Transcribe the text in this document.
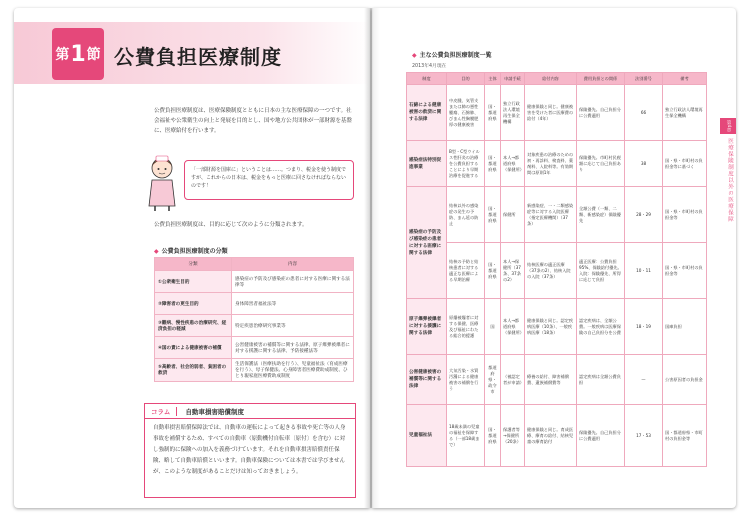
第 1 節 公費負担医療制度
公費負担医療制度は、医療保険制度とともに日本の主な医療保障の一つです。社会福祉や公衆衛生の向上と発展を目的とし、国や地方公共団体が一部財源を基盤に、医療給付を行います。
「一部財源を国庫に」ということは……。つまり、税金を使う制度ですが、これからの日本は、税金をもっと医療に回さなければならないのです！
公費負担医療制度は、目的に応じて次のように分類されます。
◆ 公費負担医療制度の分類
分類	内容
①公衆衛生目的	感染症の予防及び感染症の患者に対する医療に関する法律等
②障害者の更生目的	身体障害者福祉法等
③難病、慢性疾患の治療研究、経済負担の軽減	特定疾患治療研究事業等
④国の責による健康被害の補償	公害健康被害の補償等に関する法律、原子爆弾被爆者に対する援護に関する法律、予防接種法等
⑤高齢者、社会的弱者、貧困者の救済	生活保護法（医療扶助を行う）、児童福祉法（育成医療を行う）、母子保健法、心身障害者医療費助成制度、ひとり親家庭医療費助成制度
コラム	自動車損害賠償制度
自動車損害賠償保障法では、自動車の運転によって起きる事故や死亡等の人身事故を補償するため、すべての自動車（原動機付自転車〔原付〕を含む）に対し強制的に保険への加入を義務づけています。それを自動車損害賠償責任保険、略して自動車賠償といいます。自動車保険については本書では学びませんが、このような制度があることだけは知っておきましょう。
◆ 主な公費負担医療制度一覧
2013年4月現在
制度	目的	主体	申請手続	給付内容	費用負担との関係	法別番号	備考
石綿による健康被害の救済に関する法律	中皮腫、気管支または肺の悪性腫瘍、石綿肺、びまん性胸膜肥厚の健康被害	国・都道府県	独立行政法人環境再生保全機構	健康保険と同じ。健康被害を受けた者に医療費の給付（4年）	保険優先。自己負担分に公費適用	66	独立行政法人環境再生保全機構
感染症法特別促進事業	B型・C型ウイルス性肝炎の治療を公費負担することにより早期治療を促進する	国・都道府県	本人→都道府県（保健所）	対象疾患の治療のための初・再診料、検査料、薬剤料、入院料等。有効期間は原則1年	保険優先。市町村民税額に応じて自己負担あり	38	国・県・市町村の負担金等に基づく
感染症の予防及び感染症の患者に対する医療に関する法律	結核以外の感染症の発生の予防、まん延の防止	国・都道府県	保健所	新感染症、一・二類感染症等に対する入院医療（指定医療機関）（37条）	全額公費（一類、二類、新感染症）保険優先	28・29	国・県・市町村の負担金等
	結核の予防と結核患者に対する適正な医療による早期治療	国・都道府県	本人→保健所（37条、37条の2）	結核医療の適正医療（37条の2）、結核入院の入院（37条）	適正医療：公費負担95%、保険給付優先。入院：保険優先、所得に応じて負担	10・11	国・県・市町村の負担金等
原子爆弾被爆者に対する援護に関する法律	原爆被爆者に対する保健、医療及び福祉にわたる総合的援護	国	本人→都道府県（保健所）	健康保険と同じ。認定疾病医療（10条）、一般疾病医療（18条）	認定疾病は、全額公費。一般疾病は医療保険の自己負担分を公費	18・19	国庫負担
公害健康被害の補償等に関する法律	大気汚染・水質汚濁による健康被害の補償を行う	都道府県・政令市	（被認定者が申請）	療養の給付、障害補償費、遺族補償費等	認定疾病は全額公費負担	—	公害原因者の負担金
児童福祉法	18歳未満の児童の福祉を保障する（一部18歳まで）	国・都道府県	保護者等→保健所（20条）	健康保険と同じ。育成医療、療育の給付、結核児童の療育給付	保険優先。自己負担分に公費適用	17・53	国・都道府県・市町村の負担金等
第4章
医療保険制度以外の医療保障
